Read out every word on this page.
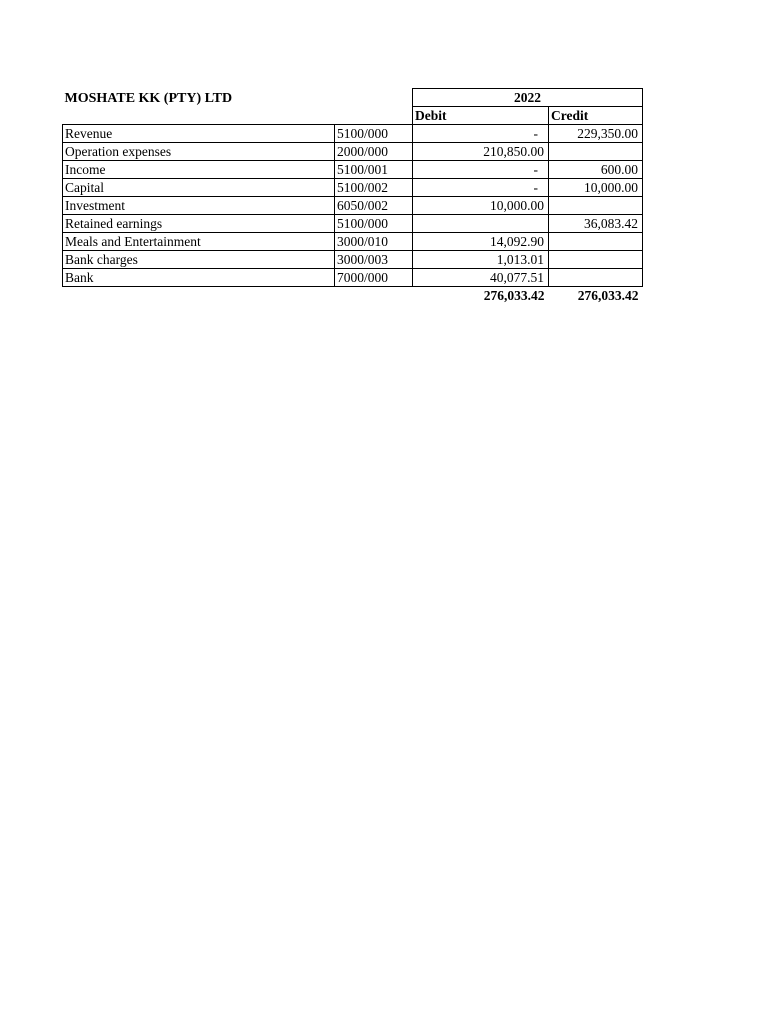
MOSHATE KK (PTY) LTD		2022	
		Debit	Credit
Revenue	5100/000	-	229,350.00
Operation expenses	2000/000	210,850.00	
Income	5100/001	-	600.00
Capital	5100/002	-	10,000.00
Investment	6050/002	10,000.00	
Retained earnings	5100/000		36,083.42
Meals and Entertainment	3000/010	14,092.90	
Bank charges	3000/003	1,013.01	
Bank	7000/000	40,077.51	
		276,033.42	276,033.42
